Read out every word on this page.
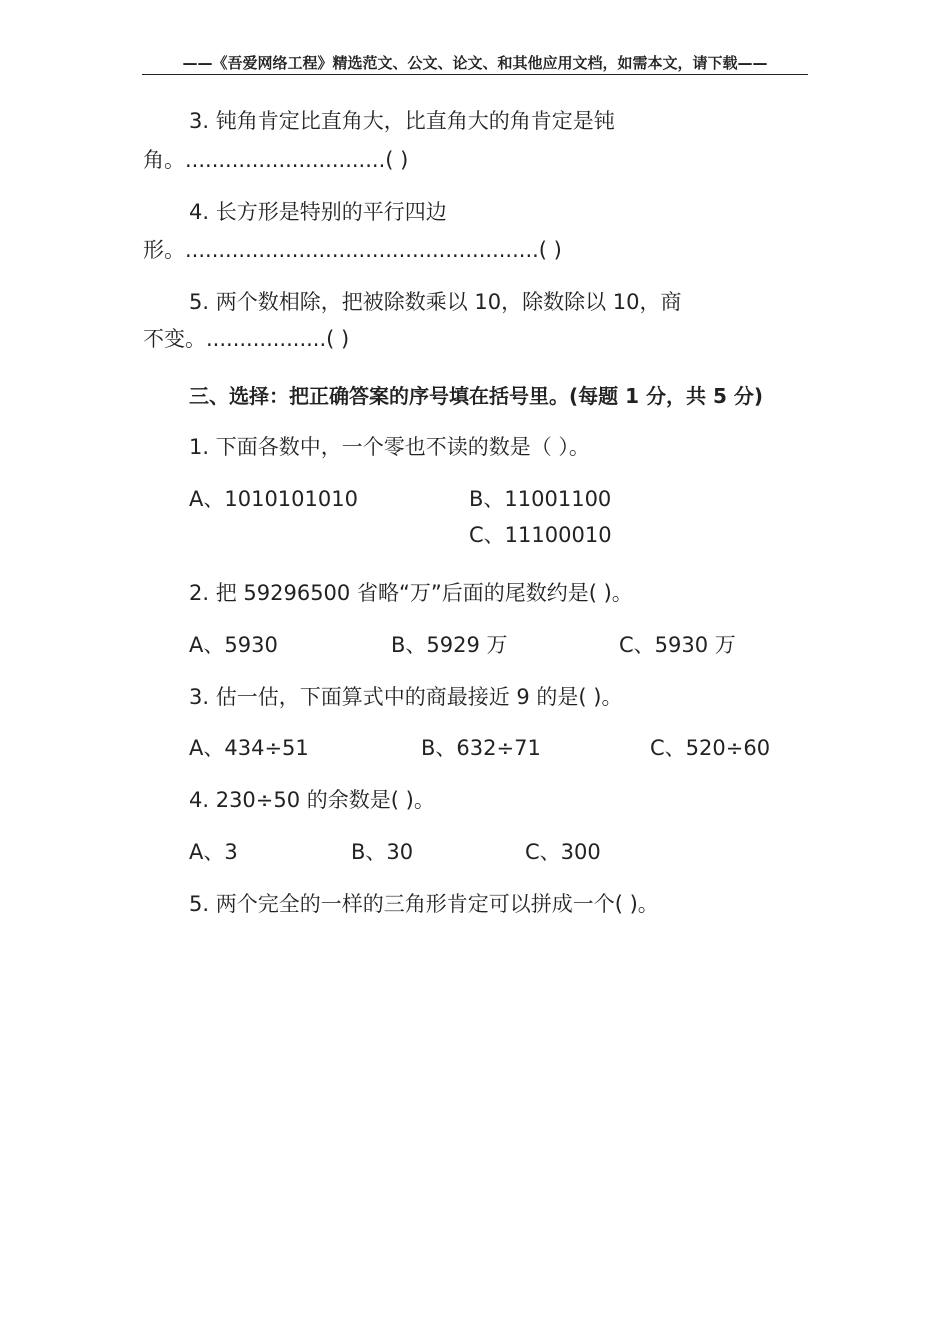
——《吾爱网络工程》精选范文、公文、论文、和其他应用文档，如需本文，请下载——
3. 钝角肯定比直角大，比直角大的角肯定是钝
角。..............................( )
4. 长方形是特别的平行四边
形。.....................................................( )
5. 两个数相除，把被除数乘以 10，除数除以 10，商
不变。..................( )
三、选择：把正确答案的序号填在括号里。(每题 1 分，共 5 分)
1. 下面各数中，一个零也不读的数是（ ）。
A、1010101010	B、11001100
C、11100010
2. 把 59296500 省略“万”后面的尾数约是( )。
A、5930	B、5929 万	C、5930 万
3. 估一估，下面算式中的商最接近 9 的是( )。
A、434÷51	B、632÷71	C、520÷60
4. 230÷50 的余数是( )。
A、3	B、30	C、300
5. 两个完全的一样的三角形肯定可以拼成一个( )。
